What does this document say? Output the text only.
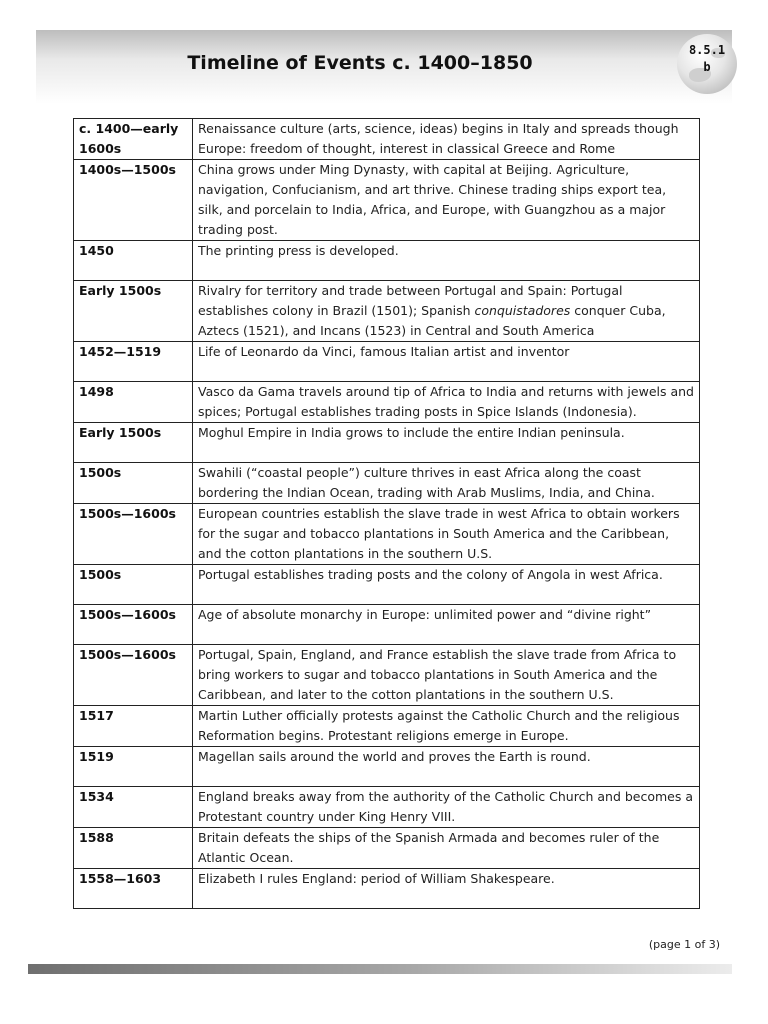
Timeline of Events c. 1400–1850
8.5.1
b
c. 1400—early 1600s	Renaissance culture (arts, science, ideas) begins in Italy and spreads though Europe: freedom of thought, interest in classical Greece and Rome
1400s—1500s	China grows under Ming Dynasty, with capital at Beijing. Agriculture, navigation, Confucianism, and art thrive. Chinese trading ships export tea, silk, and porcelain to India, Africa, and Europe, with Guangzhou as a major trading post.
1450	The printing press is developed.
Early 1500s	Rivalry for territory and trade between Portugal and Spain: Portugal establishes colony in Brazil (1501); Spanish conquistadores conquer Cuba, Aztecs (1521), and Incans (1523) in Central and South America
1452—1519	Life of Leonardo da Vinci, famous Italian artist and inventor
1498	Vasco da Gama travels around tip of Africa to India and returns with jewels and spices; Portugal establishes trading posts in Spice Islands (Indonesia).
Early 1500s	Moghul Empire in India grows to include the entire Indian peninsula.
1500s	Swahili (“coastal people”) culture thrives in east Africa along the coast bordering the Indian Ocean, trading with Arab Muslims, India, and China.
1500s—1600s	European countries establish the slave trade in west Africa to obtain workers for the sugar and tobacco plantations in South America and the Caribbean, and the cotton plantations in the southern U.S.
1500s	Portugal establishes trading posts and the colony of Angola in west Africa.
1500s—1600s	Age of absolute monarchy in Europe: unlimited power and “divine right”
1500s—1600s	Portugal, Spain, England, and France establish the slave trade from Africa to bring workers to sugar and tobacco plantations in South America and the Caribbean, and later to the cotton plantations in the southern U.S.
1517	Martin Luther officially protests against the Catholic Church and the religious Reformation begins. Protestant religions emerge in Europe.
1519	Magellan sails around the world and proves the Earth is round.
1534	England breaks away from the authority of the Catholic Church and becomes a Protestant country under King Henry VIII.
1588	Britain defeats the ships of the Spanish Armada and becomes ruler of the Atlantic Ocean.
1558—1603	Elizabeth I rules England: period of William Shakespeare.
(page 1 of 3)
